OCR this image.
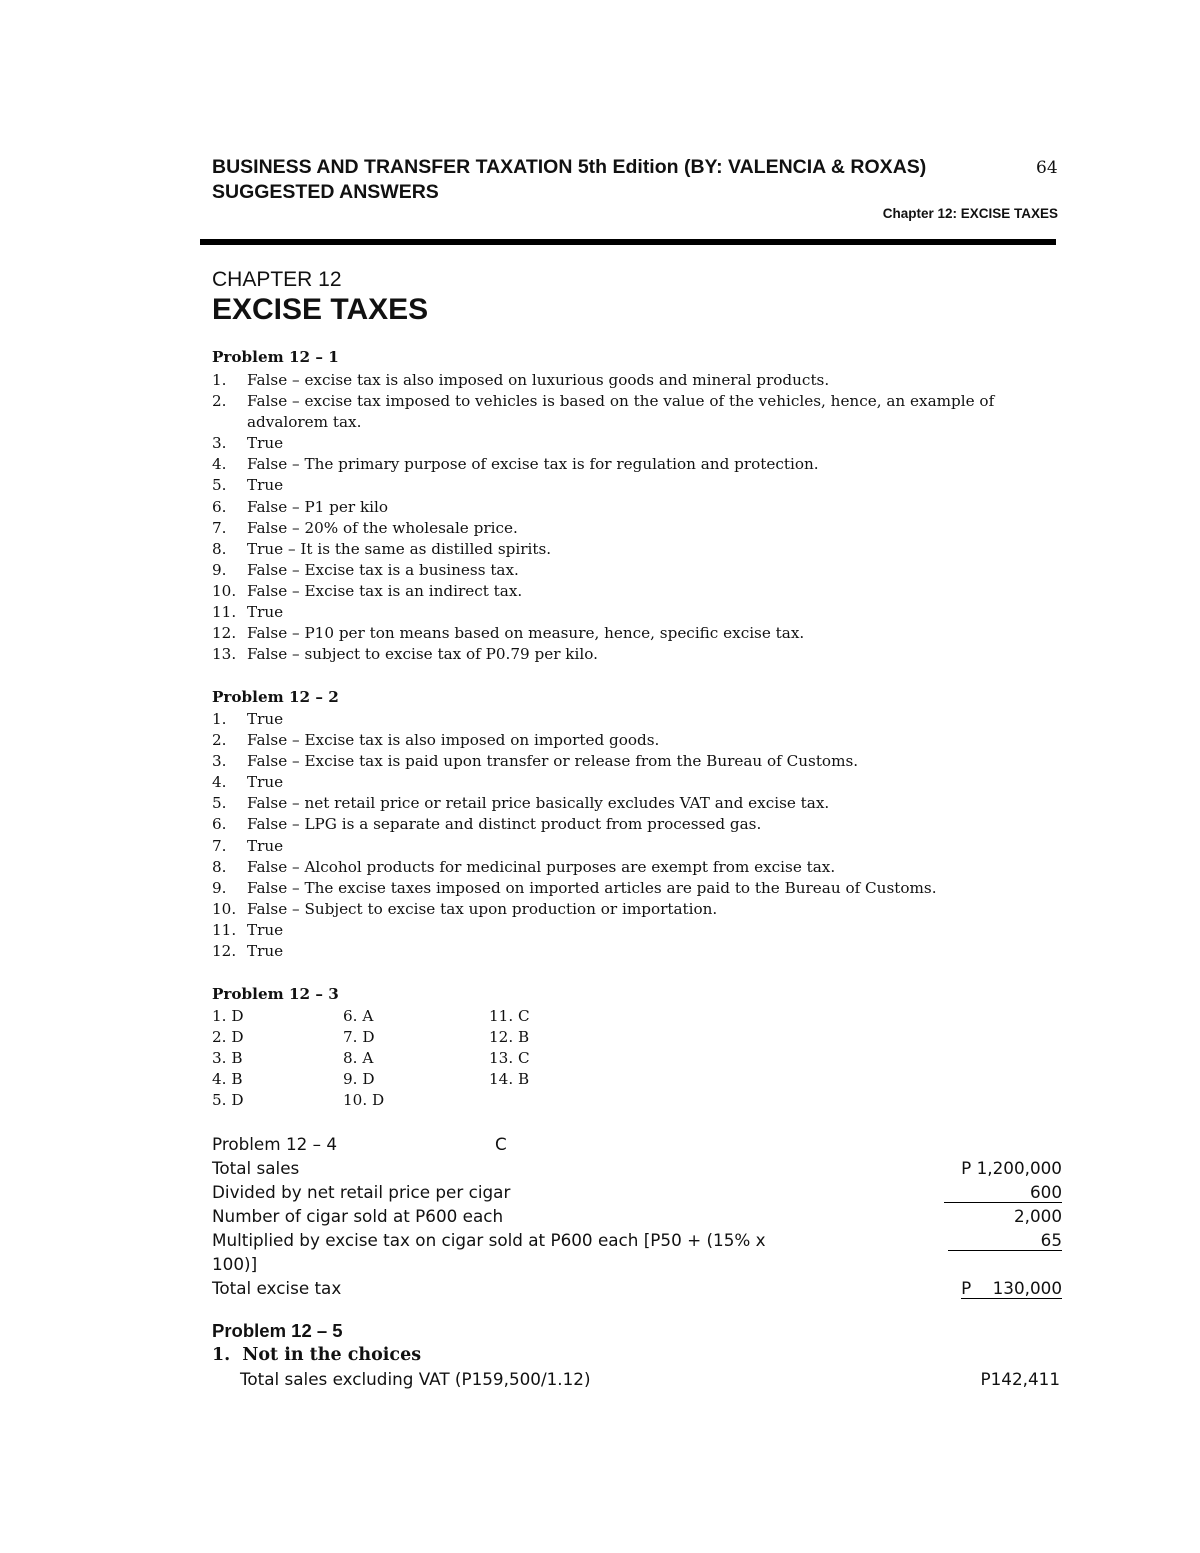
BUSINESS AND TRANSFER TAXATION 5th Edition (BY: VALENCIA & ROXAS)	64
SUGGESTED ANSWERS
Chapter 12: EXCISE TAXES
CHAPTER 12
EXCISE TAXES
Problem 12 – 1
1. False – excise tax is also imposed on luxurious goods and mineral products.
2. False – excise tax imposed to vehicles is based on the value of the vehicles, hence, an example of advalorem tax.
3. True
4. False – The primary purpose of excise tax is for regulation and protection.
5. True
6. False – P1 per kilo
7. False – 20% of the wholesale price.
8. True – It is the same as distilled spirits.
9. False – Excise tax is a business tax.
10. False – Excise tax is an indirect tax.
11. True
12. False – P10 per ton means based on measure, hence, specific excise tax.
13. False – subject to excise tax of P0.79 per kilo.
Problem 12 – 2
1. True
2. False – Excise tax is also imposed on imported goods.
3. False – Excise tax is paid upon transfer or release from the Bureau of Customs.
4. True
5. False – net retail price or retail price basically excludes VAT and excise tax.
6. False – LPG is a separate and distinct product from processed gas.
7. True
8. False – Alcohol products for medicinal purposes are exempt from excise tax.
9. False – The excise taxes imposed on imported articles are paid to the Bureau of Customs.
10. False – Subject to excise tax upon production or importation.
11. True
12. True
Problem 12 – 3
1. D
2. D
3. B
4. B
5. D
6. A
7. D
8. A
9. D
10. D
11. C
12. B
13. C
14. B
Problem 12 – 4	C
Total sales	P 1,200,000
Divided by net retail price per cigar	600
Number of cigar sold at P600 each	2,000
Multiplied by excise tax on cigar sold at P600 each [P50 + (15% x	65
100)]
Total excise tax	P    130,000
Problem 12 – 5
1. Not in the choices
Total sales excluding VAT (P159,500/1.12)	P142,411
